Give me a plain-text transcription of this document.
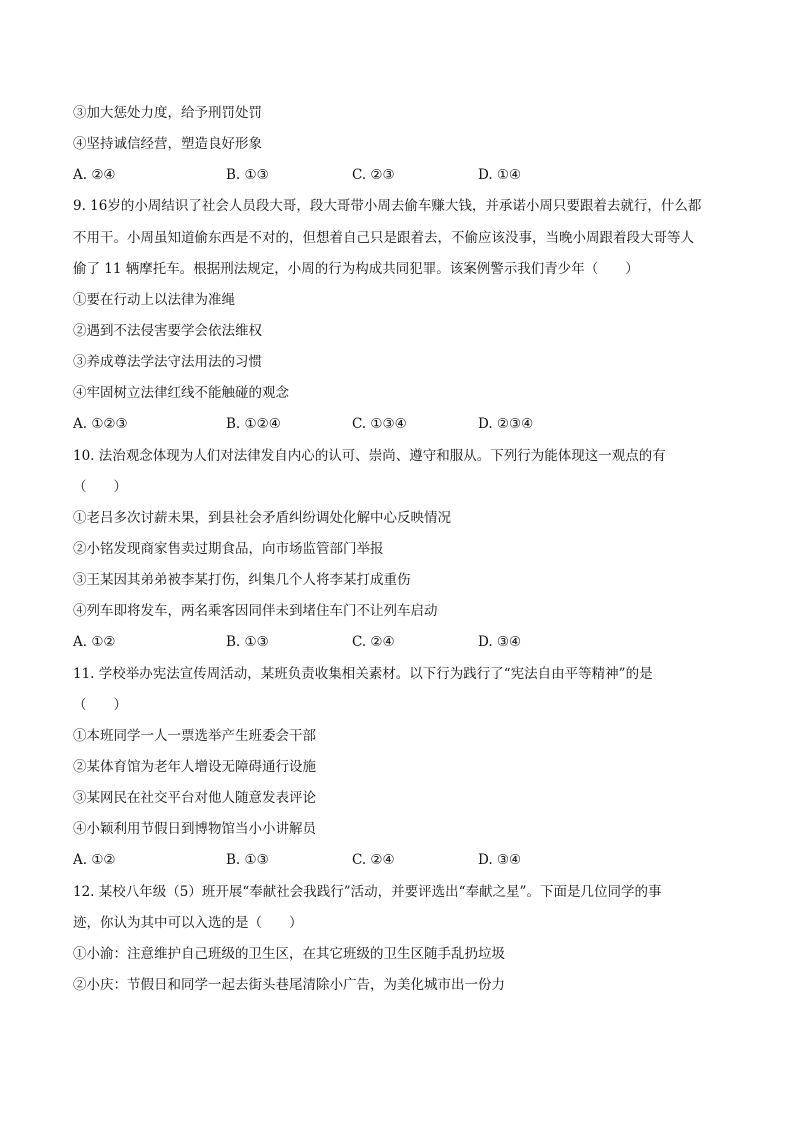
③加大惩处力度，给予刑罚处罚
④坚持诚信经营，塑造良好形象
A. ②④	B. ①③	C. ②③	D. ①④
9. 16岁的小周结识了社会人员段大哥，段大哥带小周去偷车赚大钱，并承诺小周只要跟着去就行，什么都
不用干。小周虽知道偷东西是不对的，但想着自己只是跟着去，不偷应该没事，当晚小周跟着段大哥等人
偷了 11 辆摩托车。根据刑法规定，小周的行为构成共同犯罪。该案例警示我们青少年（　　）
①要在行动上以法律为准绳
②遇到不法侵害要学会依法维权
③养成尊法学法守法用法的习惯
④牢固树立法律红线不能触碰的观念
A. ①②③	B. ①②④	C. ①③④	D. ②③④
10. 法治观念体现为人们对法律发自内心的认可、崇尚、遵守和服从。下列行为能体现这一观点的有
（　　）
①老吕多次讨薪未果，到县社会矛盾纠纷调处化解中心反映情况
②小铭发现商家售卖过期食品，向市场监管部门举报
③王某因其弟弟被李某打伤，纠集几个人将李某打成重伤
④列车即将发车，两名乘客因同伴未到堵住车门不让列车启动
A. ①②	B. ①③	C. ②④	D. ③④
11. 学校举办宪法宣传周活动，某班负责收集相关素材。以下行为践行了“宪法自由平等精神”的是
（　　）
①本班同学一人一票选举产生班委会干部
②某体育馆为老年人增设无障碍通行设施
③某网民在社交平台对他人随意发表评论
④小颖利用节假日到博物馆当小小讲解员
A. ①②	B. ①③	C. ②④	D. ③④
12. 某校八年级（5）班开展“奉献社会我践行”活动，并要评选出“奉献之星”。下面是几位同学的事
迹，你认为其中可以入选的是（　　）
①小渝：注意维护自己班级的卫生区，在其它班级的卫生区随手乱扔垃圾
②小庆：节假日和同学一起去街头巷尾清除小广告，为美化城市出一份力
